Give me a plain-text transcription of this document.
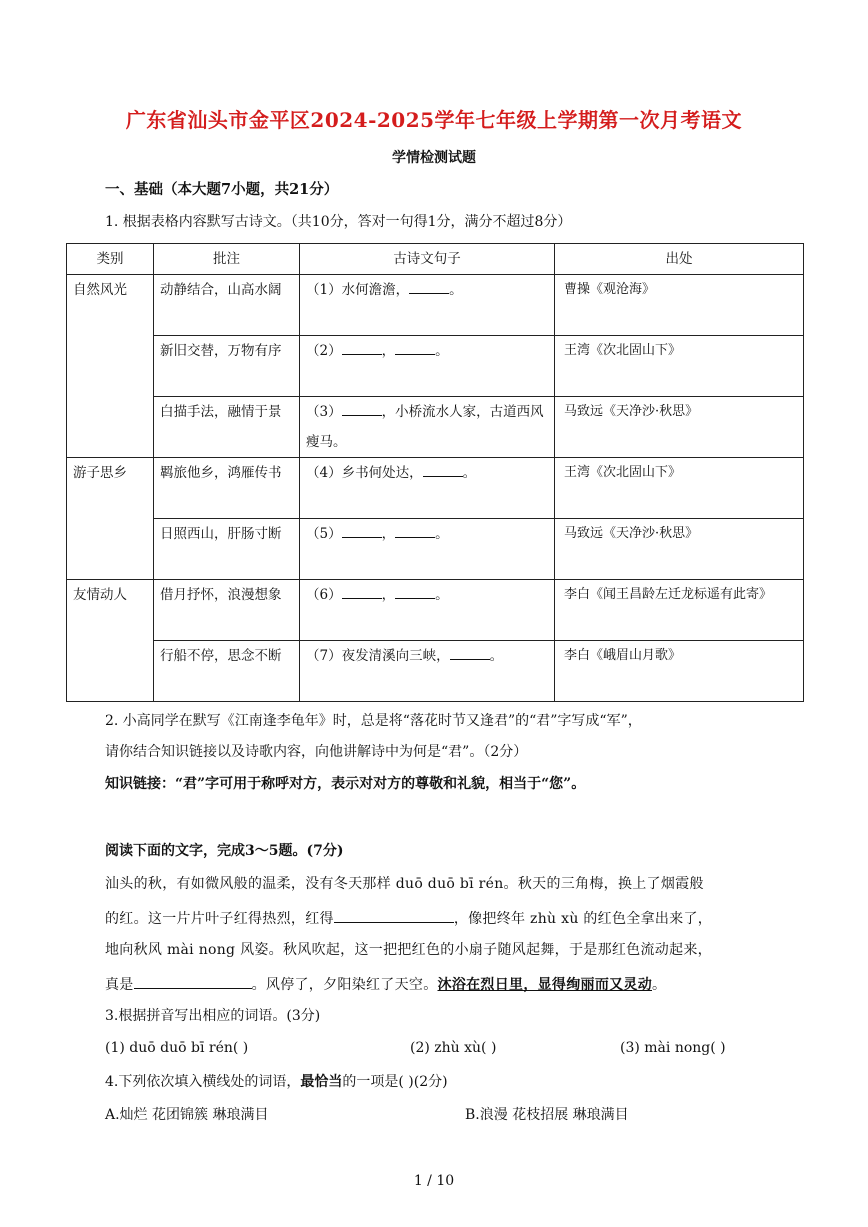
广东省汕头市金平区2024-2025学年七年级上学期第一次月考语文
学情检测试题
一、基础（本大题7小题，共21分）
1. 根据表格内容默写古诗文。（共10分，答对一句得1分，满分不超过8分）
类别	批注	古诗文句子	出处
自然风光	动静结合，山高水阔	（1）水何澹澹， 。	曹操《观沧海》
	新旧交替，万物有序	（2） ， 。	王湾《次北固山下》
	白描手法，融情于景	（3） ，小桥流水人家，古道西风瘦马。	马致远《天净沙·秋思》
游子思乡	羁旅他乡，鸿雁传书	（4）乡书何处达， 。	王湾《次北固山下》
	日照西山，肝肠寸断	（5） ， 。	马致远《天净沙·秋思》
友情动人	借月抒怀，浪漫想象	（6） ， 。	李白《闻王昌龄左迁龙标遥有此寄》
	行船不停，思念不断	（7）夜发清溪向三峡， 。	李白《峨眉山月歌》
2. 小高同学在默写《江南逢李龟年》时，总是将“落花时节又逢君”的“君”字写成“军”，
请你结合知识链接以及诗歌内容，向他讲解诗中为何是“君”。（2分）
知识链接：“君”字可用于称呼对方，表示对对方的尊敬和礼貌，相当于“您”。
阅读下面的文字，完成3～5题。(7分)
汕头的秋，有如微风般的温柔，没有冬天那样 duō duō bī rén。秋天的三角梅，换上了烟霞般
的红。这一片片叶子红得热烈，红得	，像把终年 zhù xù 的红色全拿出来了，
地向秋风 mài nong 风姿。秋风吹起，这一把把红色的小扇子随风起舞，于是那红色流动起来，
真是	。风停了，夕阳染红了天空。沐浴在烈日里，显得绚丽而又灵动。
3.根据拼音写出相应的词语。(3分)
(1) duō duō bī rén( )	(2) zhù xù( )	(3) mài nong( )
4.下列依次填入横线处的词语，最恰当的一项是( )(2分)
A.灿烂 花团锦簇 琳琅满目	B.浪漫 花枝招展 琳琅满目
1 / 10
